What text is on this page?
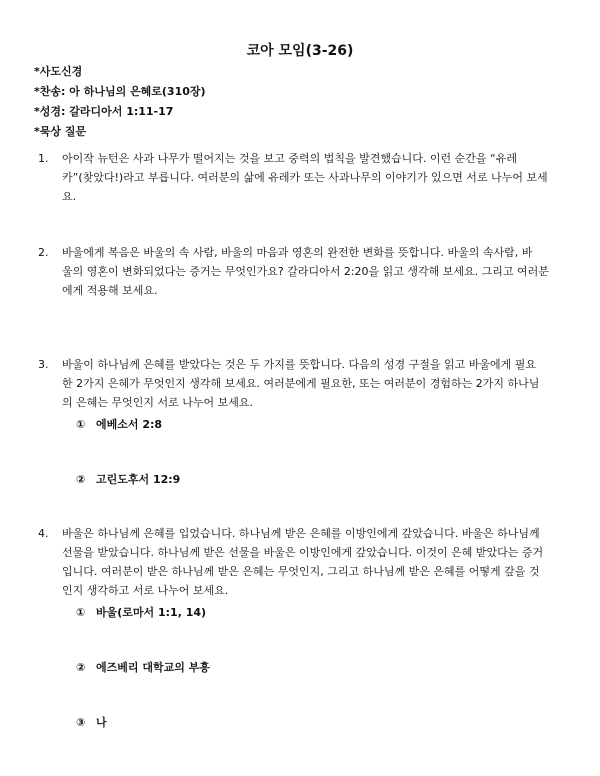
코아 모임(3-26)
*사도신경
*찬송: 아 하나님의 은혜로(310장)
*성경: 갈라디아서 1:11-17
*묵상 질문
1. 아이작 뉴턴은 사과 나무가 떨어지는 것을 보고 중력의 법칙을 발견했습니다. 이런 순간을 “유레
카”(찾았다!)라고 부릅니다. 여러분의 삶에 유레카 또는 사과나무의 이야기가 있으면 서로 나누어 보세
요.
2. 바울에게 복음은 바울의 속 사람, 바울의 마음과 영혼의 완전한 변화를 뜻합니다. 바울의 속사람, 바
울의 영혼이 변화되었다는 증거는 무엇인가요? 갈라디아서 2:20을 읽고 생각해 보세요. 그리고 여러분
에게 적용해 보세요.
3. 바울이 하나님께 은혜를 받았다는 것은 두 가지를 뜻합니다. 다음의 성경 구절을 읽고 바울에게 필요
한 2가지 은혜가 무엇인지 생각해 보세요. 여러분에게 필요한, 또는 여러분이 경험하는 2가지 하나님
의 은혜는 무엇인지 서로 나누어 보세요.
① 에베소서 2:8
② 고린도후서 12:9
4. 바울은 하나님께 은혜를 입었습니다. 하나님께 받은 은혜를 이방인에게 갚았습니다. 바울은 하나님께
선물을 받았습니다. 하나님께 받은 선물을 바울은 이방인에게 갚았습니다. 이것이 은혜 받았다는 증거
입니다. 여러분이 받은 하나님께 받은 은혜는 무엇인지, 그리고 하나님께 받은 은혜를 어떻게 갚을 것
인지 생각하고 서로 나누어 보세요.
① 바울(로마서 1:1, 14)
② 에즈베리 대학교의 부흥
③ 나
